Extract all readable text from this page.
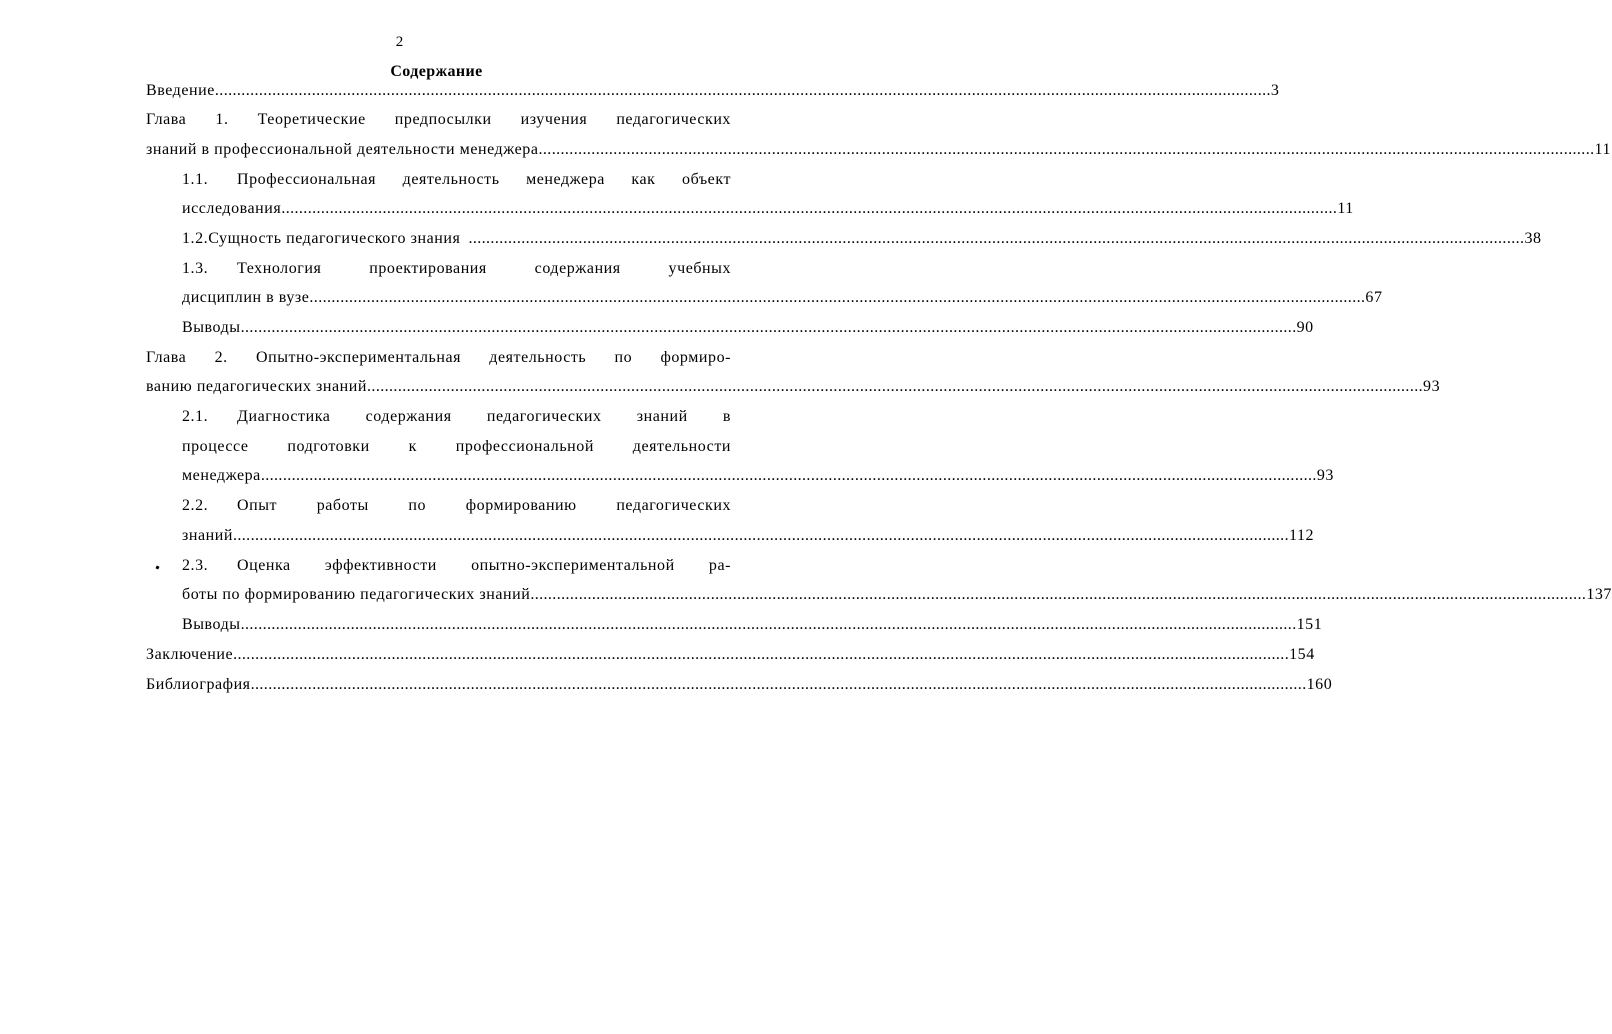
2
Содержание
Введение ................................................................................................................................................................................................................................................ 3
Глава 1. Теоретические предпосылки изучения педагогических
знаний в профессиональной деятельности менеджера ................................................................................................................................................................................................................................................ 11
1.1.	Профессиональная деятельность менеджера как объект
исследования ................................................................................................................................................................................................................................................ 11
1.2. Сущность педагогического знания ................................................................................................................................................................................................................................................ 38
1.3.	Технология проектирования содержания учебных
дисциплин в вузе ................................................................................................................................................................................................................................................ 67
Выводы ................................................................................................................................................................................................................................................ 90
Глава 2. Опытно-экспериментальная деятельность по формиро-
ванию педагогических знаний ................................................................................................................................................................................................................................................ 93
2.1.	Диагностика содержания педагогических знаний в
процессе подготовки к профессиональной деятельности
менеджера ................................................................................................................................................................................................................................................ 93
2.2.	Опыт работы по формированию педагогических
знаний ................................................................................................................................................................................................................................................ 112
2.3.	Оценка эффективности опытно-экспериментальной ра-
боты по формированию педагогических знаний ................................................................................................................................................................................................................................................ 137
Выводы ................................................................................................................................................................................................................................................ 151
Заключение ................................................................................................................................................................................................................................................ 154
Библиография ................................................................................................................................................................................................................................................ 160
